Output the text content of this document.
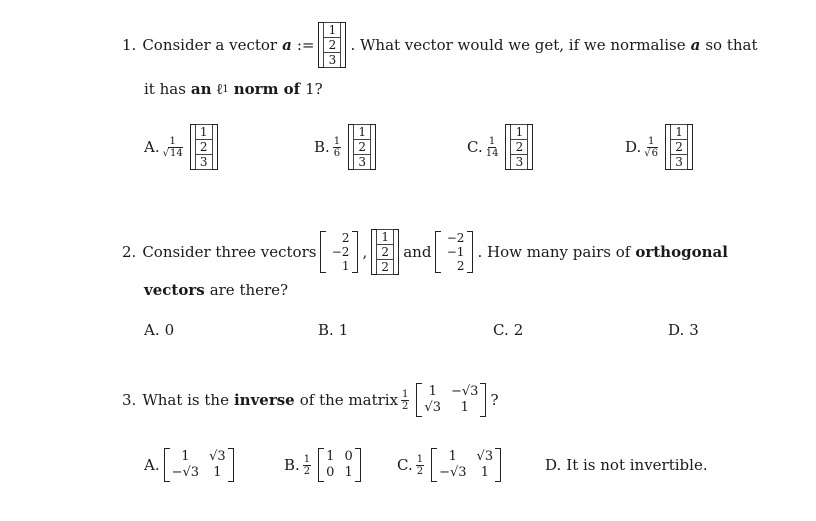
1. Consider a vector a :=
1
2
3
. What vector would we get, if we normalise a so that
it has an ℓ 1 norm of 1?
A. $\frac{1}{√14}$
1
2
3
B. $\frac{1}{6}$
1
2
3
C. $\frac{1}{14}$
1
2
3
D. $\frac{1}{√6}$
1
2
3
2. Consider three vectors
2
−2
1
,
1
2
2
and
−2
−1
2
. How many pairs of orthogonal
vectors are there?
A. 0	B. 1	C. 2	D. 3
3. What is the inverse of the matrix $\frac{1}{2}$	1	−√3
√3	1	?
A.	1	√3
−√3	1	B. $\frac{1}{2} 1$ 0
0 1	C. $\frac{1}{2}$	1	√3
−√3	1	D. It is not invertible.
